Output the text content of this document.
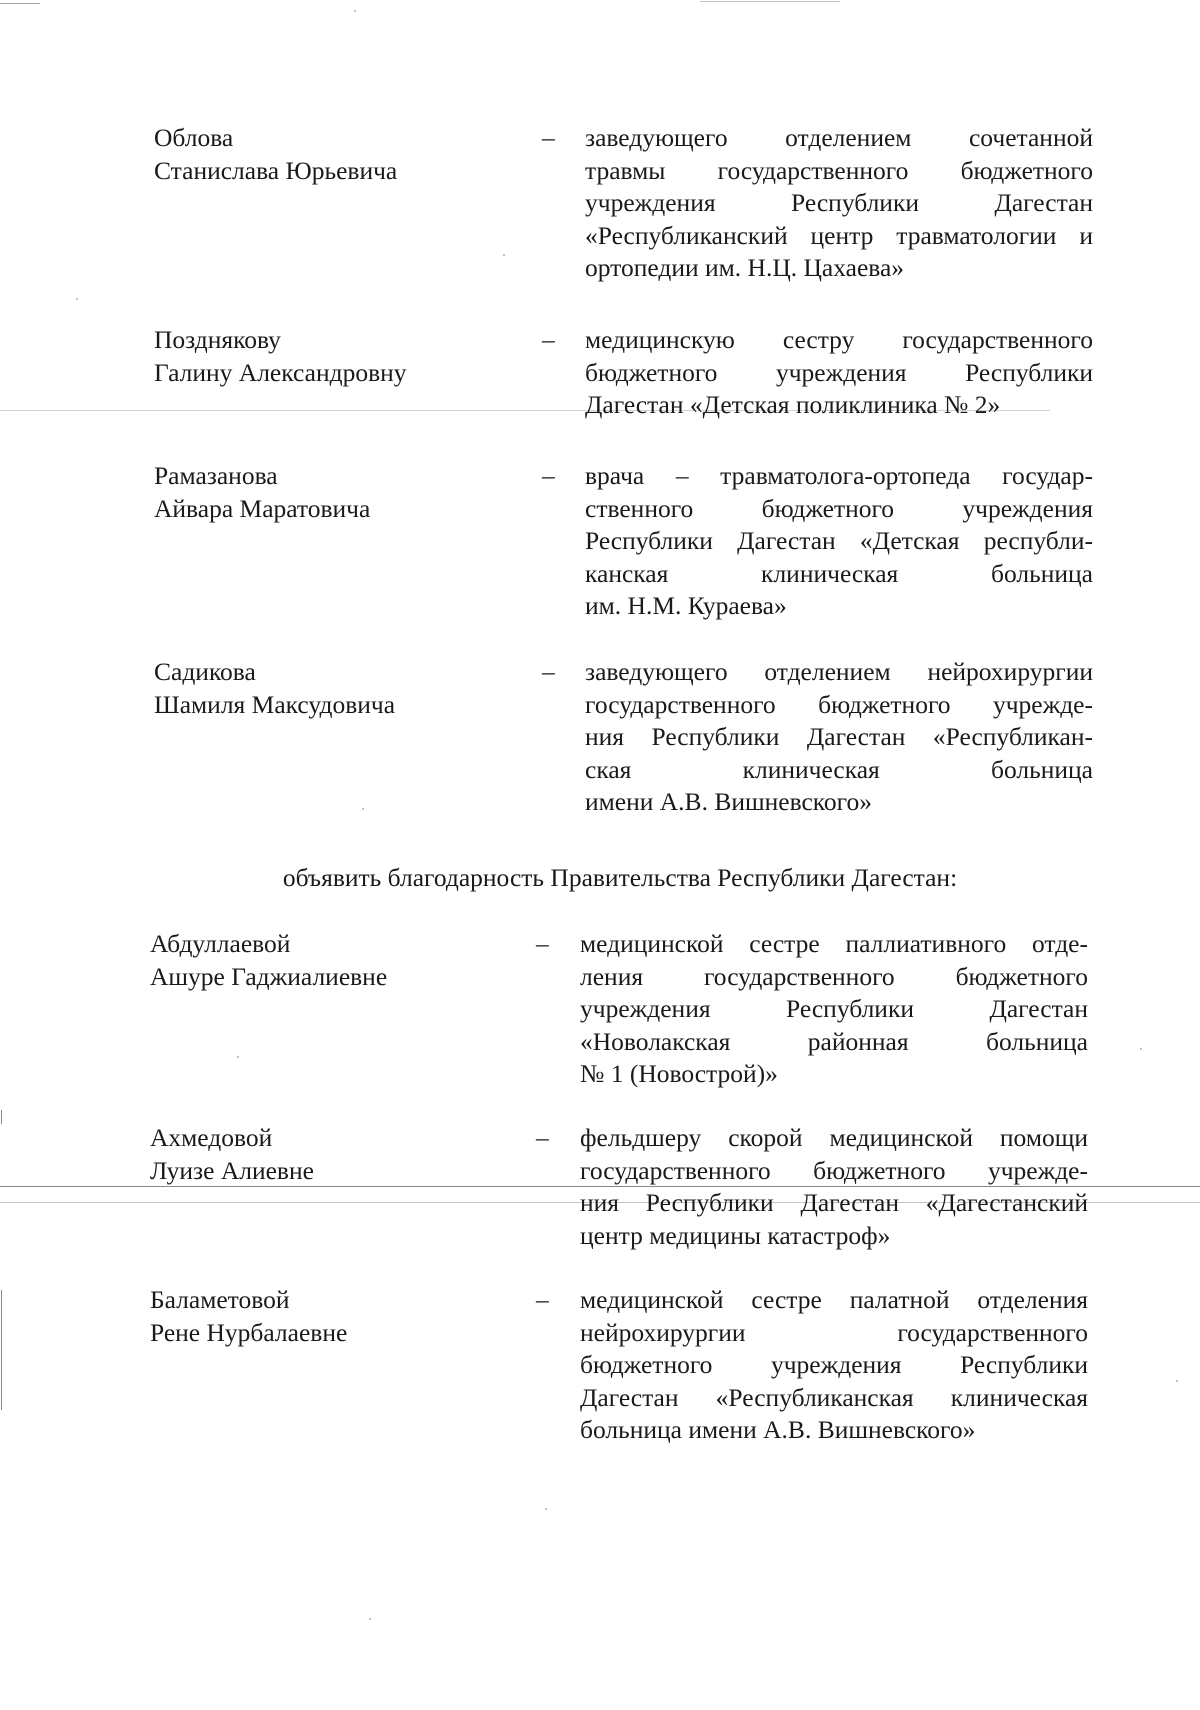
Облова
Станислава Юрьевича
– заведующего отделением сочетанной
травмы государственного бюджетного
учреждения Республики Дагестан
«Республиканский центр травматологии и
ортопедии им. Н.Ц. Цахаева»
Позднякову
Галину Александровну
– медицинскую сестру государственного
бюджетного учреждения Республики
Дагестан «Детская поликлиника № 2»
Рамазанова
Айвара Маратовича
– врача – травматолога-ортопеда государ-
ственного бюджетного учреждения
Республики Дагестан «Детская республи-
канская клиническая больница
им. Н.М. Кураева»
Садикова
Шамиля Максудовича
– заведующего отделением нейрохирургии
государственного бюджетного учрежде-
ния Республики Дагестан «Республикан-
ская клиническая больница
имени А.В. Вишневского»
объявить благодарность Правительства Республики Дагестан:
Абдуллаевой
Ашуре Гаджиалиевне
– медицинской сестре паллиативного отде-
ления государственного бюджетного
учреждения Республики Дагестан
«Новолакская районная больница
№ 1 (Новострой)»
Ахмедовой
Луизе Алиевне
– фельдшеру скорой медицинской помощи
государственного бюджетного учрежде-
ния Республики Дагестан «Дагестанский
центр медицины катастроф»
Баламетовой
Рене Нурбалаевне
– медицинской сестре палатной отделения
нейрохирургии государственного
бюджетного учреждения Республики
Дагестан «Республиканская клиническая
больница имени А.В. Вишневского»
